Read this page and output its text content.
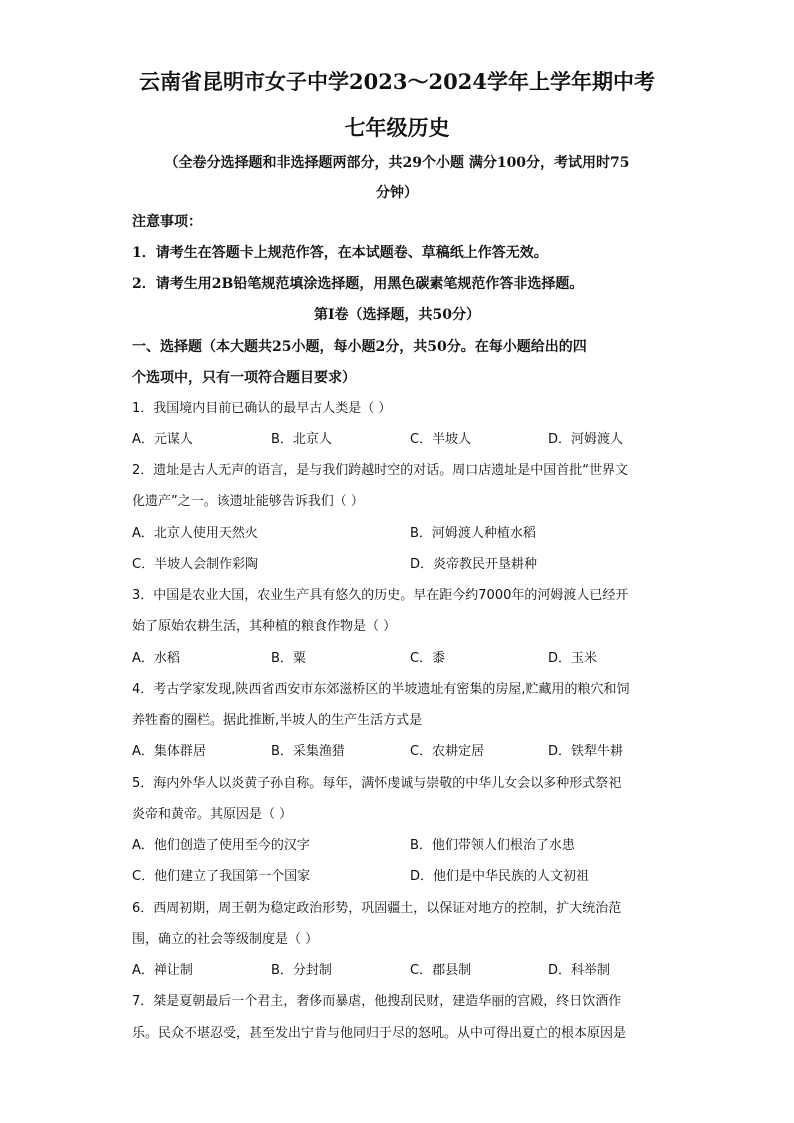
云南省昆明市女子中学2023～2024学年上学年期中考
七年级历史
（全卷分选择题和非选择题两部分，共29个小题 满分100分，考试用时75
分钟）
注意事项：
1．请考生在答题卡上规范作答，在本试题卷、草稿纸上作答无效。
2．请考生用2B铅笔规范填涂选择题，用黑色碳素笔规范作答非选择题。
第I卷（选择题，共50分）
一、选择题（本大题共25小题，每小题2分，共50分。在每小题给出的四
个选项中，只有一项符合题目要求）
1．我国境内目前已确认的最早古人类是（ ）
A．元谋人	B．北京人	C．半坡人	D．河姆渡人
2．遗址是古人无声的语言，是与我们跨越时空的对话。周口店遗址是中国首批“世界文
化遗产”之一。该遗址能够告诉我们（ ）
A．北京人使用天然火	B．河姆渡人种植水稻
C．半坡人会制作彩陶	D．炎帝教民开垦耕种
3．中国是农业大国，农业生产具有悠久的历史。早在距今约7000年的河姆渡人已经开
始了原始农耕生活，其种植的粮食作物是（ ）
A．水稻	B．粟	C．黍	D．玉米
4．考古学家发现,陕西省西安市东郊滋桥区的半坡遗址有密集的房屋,贮藏用的粮穴和饲
养牲畜的圈栏。据此推断,半坡人的生产生活方式是
A．集体群居	B．采集渔猎	C．农耕定居	D．铁犁牛耕
5．海内外华人以炎黄子孙自称。每年，满怀虔诚与崇敬的中华儿女会以多种形式祭祀
炎帝和黄帝。其原因是（ ）
A．他们创造了使用至今的汉字	B．他们带领人们根治了水患
C．他们建立了我国第一个国家	D．他们是中华民族的人文初祖
6．西周初期，周王朝为稳定政治形势，巩固疆土，以保证对地方的控制，扩大统治范
围，确立的社会等级制度是（ ）
A．禅让制	B．分封制	C．郡县制	D．科举制
7．桀是夏朝最后一个君主，奢侈而暴虐，他搜刮民财，建造华丽的宫殿，终日饮酒作
乐。民众不堪忍受，甚至发出宁肯与他同归于尽的怒吼。从中可得出夏亡的根本原因是
